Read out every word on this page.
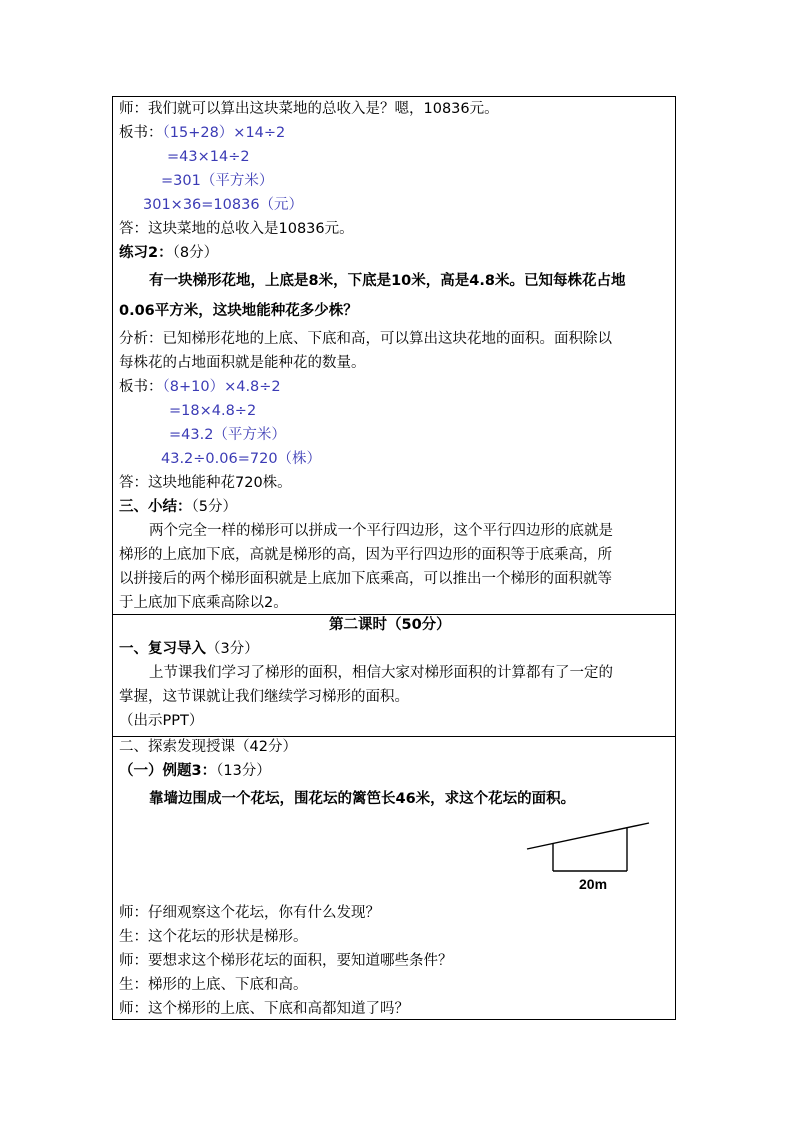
师：我们就可以算出这块菜地的总收入是？嗯，10836元。
板书：（15+28）×14÷2
=43×14÷2
=301（平方米）
301×36=10836（元）
答：这块菜地的总收入是10836元。
练习2：（8分）
有一块梯形花地，上底是8米，下底是10米，高是4.8米。已知每株花占地
0.06平方米，这块地能种花多少株？
分析：已知梯形花地的上底、下底和高，可以算出这块花地的面积。面积除以
每株花的占地面积就是能种花的数量。
板书：（8+10）×4.8÷2
=18×4.8÷2
=43.2（平方米）
43.2÷0.06=720（株）
答：这块地能种花720株。
三、小结：（5分）
两个完全一样的梯形可以拼成一个平行四边形，这个平行四边形的底就是
梯形的上底加下底，高就是梯形的高，因为平行四边形的面积等于底乘高，所
以拼接后的两个梯形面积就是上底加下底乘高，可以推出一个梯形的面积就等
于上底加下底乘高除以2。
第二课时（50分）
一、复习导入（3分）
上节课我们学习了梯形的面积，相信大家对梯形面积的计算都有了一定的
掌握，这节课就让我们继续学习梯形的面积。
（出示PPT）
二、探索发现授课（42分）
（一）例题3：（13分）
靠墙边围成一个花坛，围花坛的篱笆长46米，求这个花坛的面积。
20m
师：仔细观察这个花坛，你有什么发现？
生：这个花坛的形状是梯形。
师：要想求这个梯形花坛的面积，要知道哪些条件？
生：梯形的上底、下底和高。
师：这个梯形的上底、下底和高都知道了吗？
